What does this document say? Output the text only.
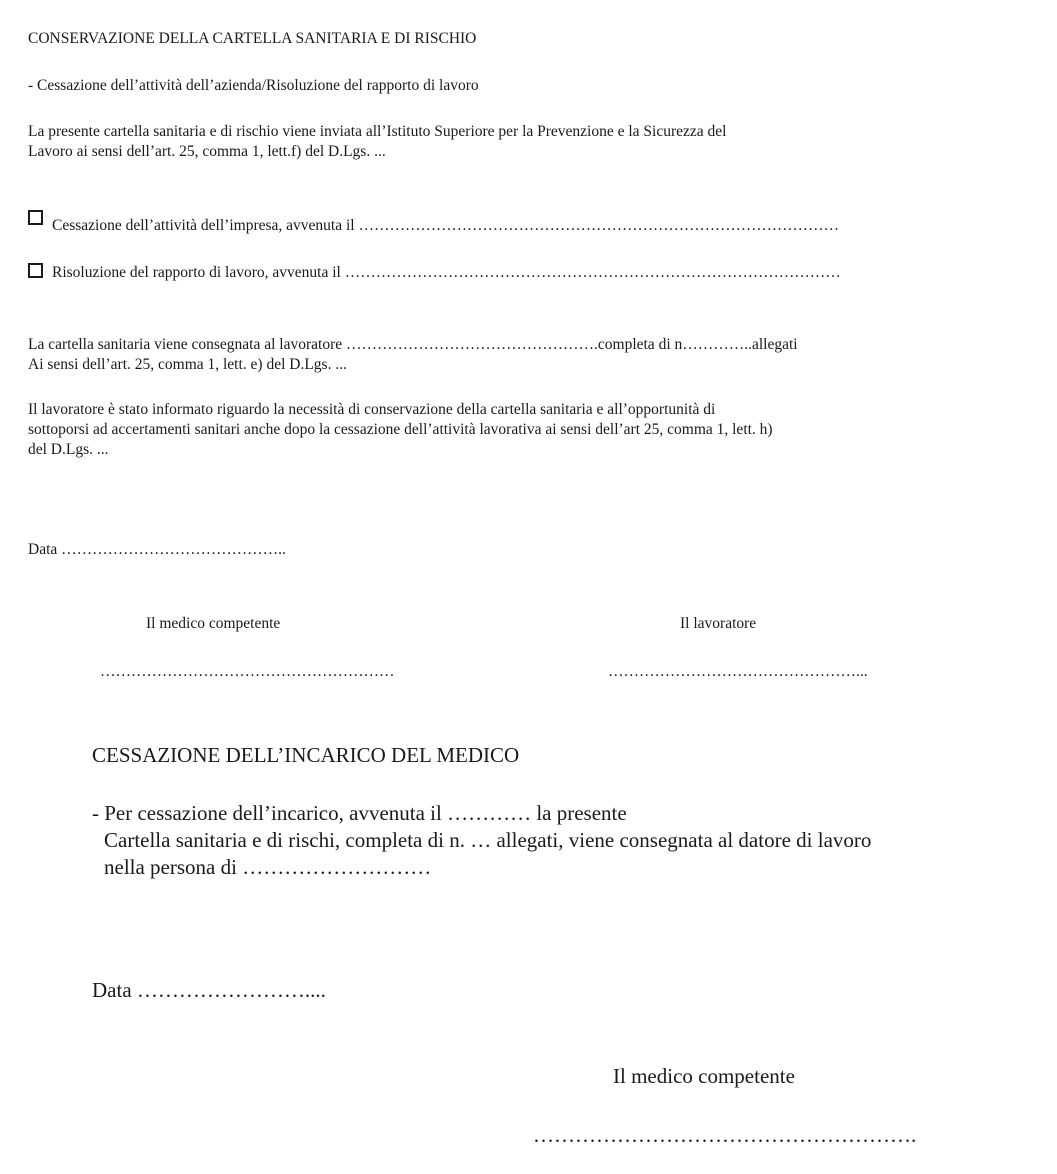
CONSERVAZIONE DELLA CARTELLA SANITARIA E DI RISCHIO
- Cessazione dell’attività dell’azienda/Risoluzione del rapporto di lavoro
La presente cartella sanitaria e di rischio viene inviata all’Istituto Superiore per la Prevenzione e la Sicurezza del
Lavoro ai sensi dell’art. 25, comma 1, lett.f) del D.Lgs. ...
Cessazione dell’attività dell’impresa, avvenuta il …………………………………………………………………………………
Risoluzione del rapporto di lavoro, avvenuta il ……………………………………………………………………………………
La cartella sanitaria viene consegnata al lavoratore ………………………………………….completa di n…………..allegati
Ai sensi dell’art. 25, comma 1, lett. e) del D.Lgs. ...
Il lavoratore è stato informato riguardo la necessità di conservazione della cartella sanitaria e all’opportunità di
sottoporsi ad accertamenti sanitari anche dopo la cessazione dell’attività lavorativa ai sensi dell’art 25, comma 1, lett. h)
del D.Lgs. ...
Data ……………………………………..
Il medico competente	Il lavoratore
…………………………………………………	…………………………………………...
CESSAZIONE DELL’INCARICO DEL MEDICO
- Per cessazione dell’incarico, avvenuta il ………… la presente
Cartella sanitaria e di rischi, completa di n. … allegati, viene consegnata al datore di lavoro
nella persona di ………………………
Data ……………………....
Il medico competente
……………………………………………….
